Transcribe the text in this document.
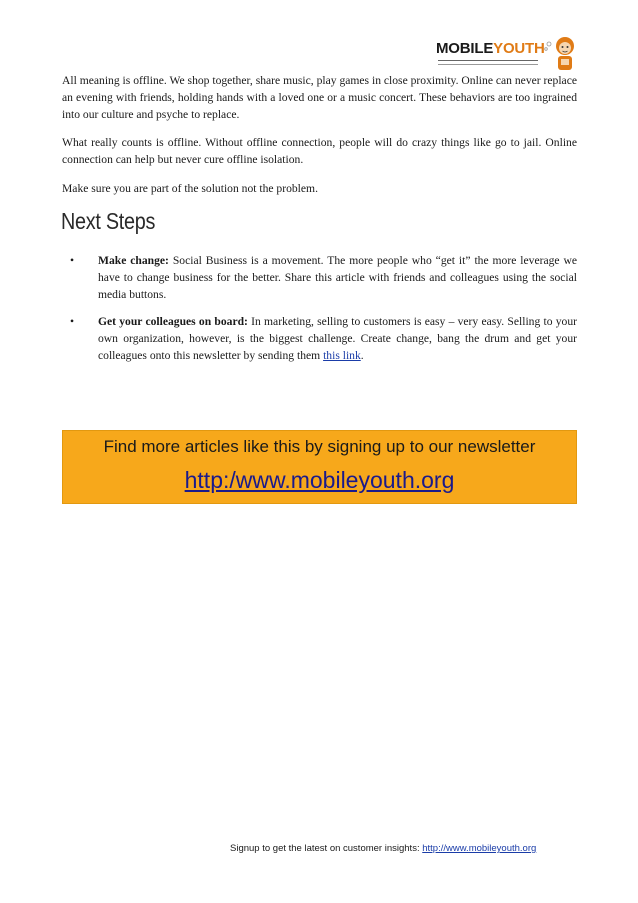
MOBILEYOUTH

All meaning is offline. We shop together, share music, play games in close proximity. Online can never replace an evening with friends, holding hands with a loved one or a music concert. These behaviors are too ingrained into our culture and psyche to replace.

What really counts is offline. Without offline connection, people will do crazy things like go to jail. Online connection can help but never cure offline isolation.

Make sure you are part of the solution not the problem.

Next Steps
• Make change: Social Business is a movement. The more people who “get it” the more leverage we have to change business for the better. Share this article with friends and colleagues using the social media buttons.
• Get your colleagues on board: In marketing, selling to customers is easy – very easy. Selling to your own organization, however, is the biggest challenge. Create change, bang the drum and get your colleagues onto this newsletter by sending them this link.
Find more articles like this by signing up to our newsletter
http:/www.mobileyouth.org
Signup to get the latest on customer insights: http://www.mobileyouth.org
